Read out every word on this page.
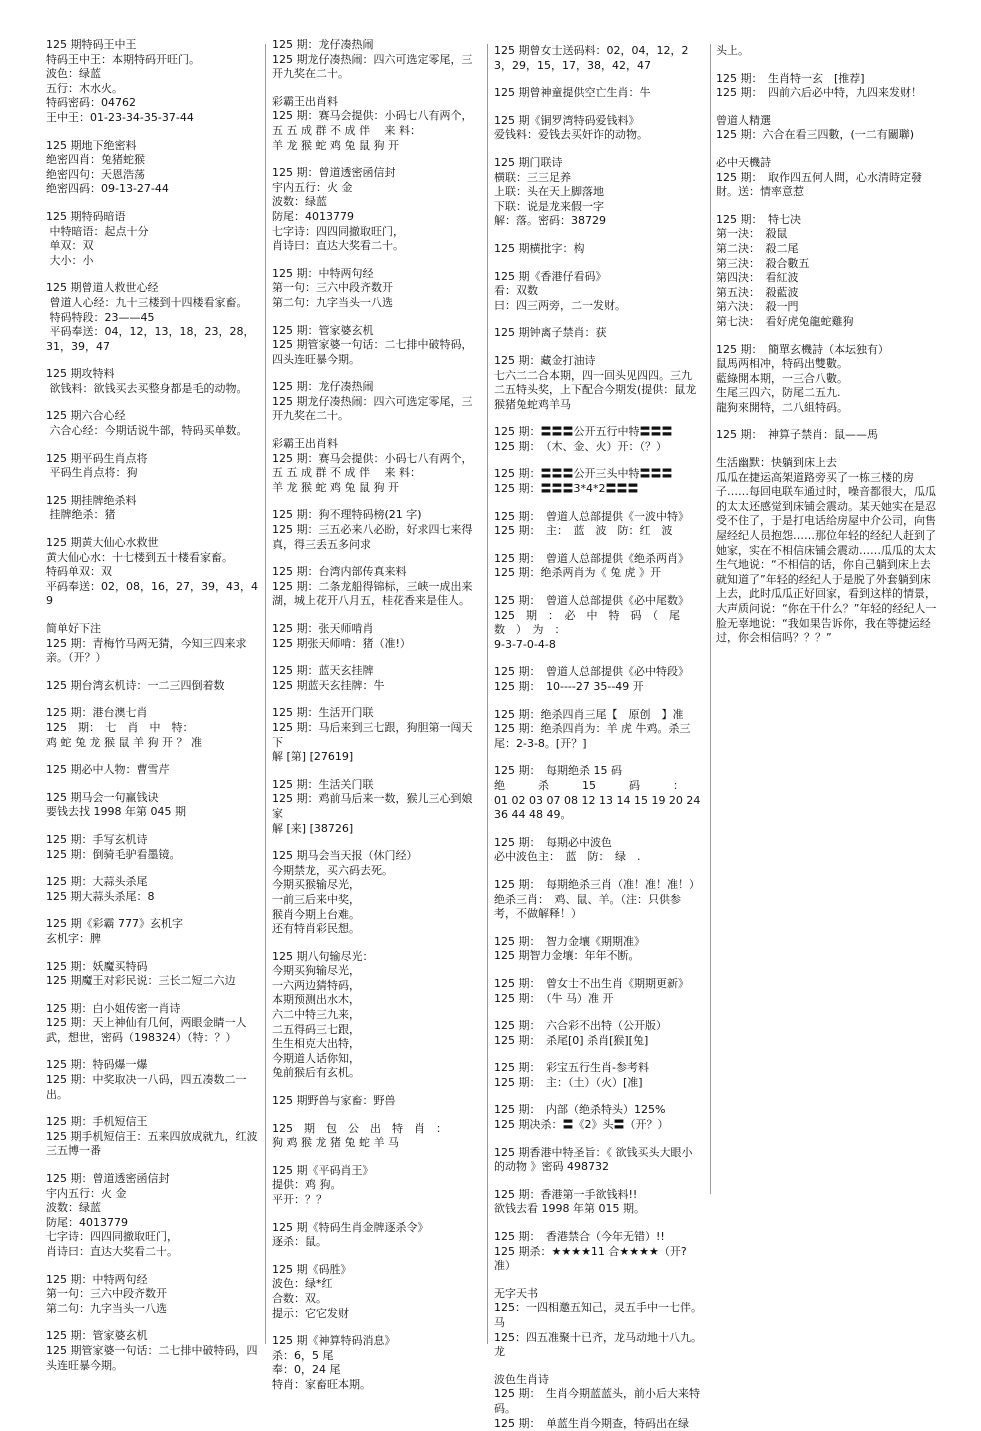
125 期特码王中王
特码王中王：本期特码开旺门。
波色：绿蓝
五行：木水火。
特码密码：04762
王中王：01-23-34-35-37-44
125 期地下绝密料
绝密四肖：兔猪蛇猴
绝密四句：天恩浩荡
绝密四码：09-13-27-44
125 期特码暗语
中特暗语：起点十分
单双：双
大小：小
125 期曾道人救世心经
曾道人心经：九十三楼到十四楼看家畜。
特码特段：23——45
平码奉送：04，12，13，18，23，28，31，39，47
125 期攻特料
欲钱料：欲钱买去买整身都是毛的动物。
125 期六合心经
六合心经：今期话说牛部，特码买单数。
125 期平码生肖点将
平码生肖点将：狗
125 期挂牌绝杀料
挂牌绝杀：猪
125 期黄大仙心水救世
黄大仙心水：十七楼到五十楼看家畜。
特码单双：双
平码奉送：02，08，16，27，39，43，49
简单好下注
125 期：青梅竹马两无猜，今知三四来求亲。（开？）
125 期台湾玄机诗：一二三四倒着数
125 期：港台澳七肖
125　期：　七　肖　中　特：
鸡 蛇 兔 龙 猴 鼠 羊 狗 开 ？ 准
125 期必中人物：曹雪芹
125 期马会一句赢钱诀
要钱去找 1998 年第 045 期
125 期：手写玄机诗
125 期：倒骑毛驴看墨镜。
125 期：大蒜头杀尾
125 期大蒜头杀尾：8
125 期《彩霸 777》玄机字
玄机字：脾
125 期：妖魔买特码
125 期魔王对彩民说：三长二短二六边
125 期：白小姐传密一肖诗
125 期：天上神仙有几何，两眼金睛一人武，想世，密码（198324）（特：？）
125 期：特码爆一爆
125 期：中奖取决一八码，四五凑数二一出。
125 期：手机短信王
125 期手机短信王：五来四放成就九，红波三五博一番
125 期：曾道透密函信封
宇内五行：火 金
波数：绿蓝
防尾：4013779
七字诗：四四同撤取旺门，
肖诗曰：直达大奖看二十。
125 期：中特两句经
第一句：三六中段齐数开
第二句：九字当头一八选
125 期：管家婆玄机
125 期管家婆一句话：二七排中破特码，四头连旺暴今期。
125 期：龙仔凑热闹
125 期龙仔凑热闹：四六可选定零尾，三开九奖在二十。
彩霸王出肖料
125 期：赛马会提供：小码七八有两个，五 五 成 群 不 成 伴　 来 料：
羊 龙 猴 蛇 鸡 兔 鼠 狗 开
125 期：曾道透密函信封
宇内五行：火 金
波数：绿蓝
防尾：4013779
七字诗：四四同撤取旺门，
肖诗曰：直达大奖看二十。
125 期：中特两句经
第一句：三六中段齐数开
第二句：九字当头一八选
125 期：管家婆玄机
125 期管家婆一句话：二七排中破特码，四头连旺暴今期。
125 期：龙仔凑热闹
125 期龙仔凑热闹：四六可选定零尾，三开九奖在二十。
彩霸王出肖料
125 期：赛马会提供：小码七八有两个，五 五 成 群 不 成 伴　 来 料：
羊 龙 猴 蛇 鸡 兔 鼠 狗 开
125 期：狗不理特码榜(21 字)
125 期：三五必来八必盼，好求四七来得真，得三丢五多问求
125 期：台湾内部传真来料
125 期：二条龙船得锦标，三峡一成出来湖，城上花开八月五，桂花香来是佳人。
125 期：张天师啃肖
125 期张天师啃：猪（准!）
125 期：蓝天玄挂牌
125 期蓝天玄挂牌：牛
125 期：生活开门联
125 期：马后来到三七跟，狗胆第一闯天下
解 [第] [27619]
125 期：生活关门联
125 期：鸡前马后来一数，猴儿三心到娘家
解 [来] [38726]
125 期马会当天报（休门经）
今期禁龙，买六码去死。
今期买猴输尽光，
一前三后来中奖，
猴肖今期上台难。
还有特肖彩民想。
125 期八句输尽光：
今期买狗输尽光，
一六两边猜特码，
本期预测出水木，
六二中特三九来，
二五得码三七跟，
生生相克大出特，
今期道人话你知，
兔前猴后有玄机。
125 期野兽与家畜：野兽
125　期　包　公　出　特　肖　：
狗 鸡 猴 龙 猪 兔 蛇 羊 马
125 期《平码肖王》
提供：鸡 狗。
平开：？？
125 期《特码生肖金牌逐杀令》
逐杀：鼠。
125 期《码胜》
波色：绿*红
合数：双。
提示：它它发财
125 期《神算特码消息》
杀：6，5 尾
奉：0，24 尾
特肖：家畜旺本期。
125 期曾女士送码料：02，04，12，23，29，15，17，38，42，47
125 期曾神童提供空亡生肖：牛
125 期《铜罗湾特码爱钱料》
爱钱料：爱钱去买奸诈的动物。
125 期门联诗
横联：三三足养
上联：头在天上脚落地
下联：说是龙来假一字
解：落。密码：38729
125 期横批字：构
125 期《香港仔看码》
看：双数
曰：四三两旁，二一发财。
125 期钟离子禁肖：获
125 期：藏金打油诗
七六二二合本期，四一回头见四四。三九二五特头奖，上下配合今期发(提供：鼠龙猴猪兔蛇鸡羊马
125 期：〓〓〓公开五行中特〓〓〓
125 期：　（木、金、火）开：（？）
125 期：〓〓〓公开三头中特〓〓〓
125 期：〓〓〓3*4*2〓〓〓
125 期：　曾道人总部提供《一波中特》
125 期：　主：　蓝　波　防：红　波
125 期：　曾道人总部提供《绝杀两肖》
125 期：绝杀两肖为《 兔 虎 》开
125 期：　曾道人总部提供《必中尾数》
125　期　：　必　中　特　码　（　尾　数　）　为　：
9-3-7-0-4-8
125 期：　曾道人总部提供《必中特段》
125 期：　10----27 35--49 开
125 期：绝杀四肖三尾【　原创　】准
125 期：绝杀四肖为：羊 虎 牛鸡。杀三尾：2-3-8。[开？]
125 期：　每期绝杀 15 码
绝　　　杀　　　15　　　码　　　：
01 02 03 07 08 12 13 14 15 19 20 24 36 44 48 49。
125 期：　每期必中波色
必中波色主：　蓝　防：　绿　.
125 期：　每期绝杀三肖（准！准！准！）
绝杀三肖：　鸡、鼠、羊。（注：只供参考，不做解释！）
125 期：　智力金壤《期期准》
125 期智力金壤：年年不断。
125 期：　曾女士不出生肖《期期更新》
125 期：　（牛 马）准 开
125 期：　六合彩不出特（公开版）
125 期：　杀尾[0] 杀肖[猴][兔]
125 期：　彩宝五行生肖-参考料
125 期：　主：（土）（火）[准]
125 期：　内部（绝杀特头）125%
125 期决杀：〓《2》头〓（开？）
125 期香港中特圣旨：《 欲钱买头大眼小的动物 》密码 498732
125 期：香港第一手欲钱料!!
欲钱去看 1998 年第 015 期。
125 期：　香港禁合（今年无错）!!
125 期杀：★★★★11 合★★★★（开?准）
无字天书
125：一四相邀五知己，灵五手中一七伴。马
125：四五准聚十已齐，龙马动地十八九。龙
波色生肖诗
125 期：　生肖今期蓝蓝头，前小后大来特码。
125 期：　单蓝生肖今期查，特码出在绿
头上。
125 期：　生肖特一玄　[推荐]
125 期：　四前六后必中特，九四来发财！
曾道人精選
125 期：六合在看三四數，(一二有關聯)
必中天機詩
125 期：　取作四五何人問，心水清時定發財。送：情率意惹
125 期：　特七决
第一決：　殺鼠
第二決：　殺二尾
第三決：　殺合數五
第四決：　看紅波
第五決：　殺藍波
第六決：　殺一門
第七決：　看好虎兔龍蛇雞狗
125 期：　簡單玄機詩（本坛独有）
鼠馬两相冲，特码出雙數。
藍綠開本期，一三合八數。
生尾三四六，防尾二五九.
龍狗來開特，二八組特码。
125 期：　神算子禁肖：鼠——馬
生活幽默：快躺到床上去
瓜瓜在捷运高架道路旁买了一栋三楼的房子……每回电联车通过时，噪音都很大，瓜瓜的太太还感觉到床铺会震动。某天她实在是忍受不住了，于是打电话给房屋中介公司，向售屋经纪人员抱怨……那位年轻的经纪人赶到了她家，实在不相信床铺会震动……瓜瓜的太太生气地说：“不相信的话，你自己躺到床上去就知道了”年轻的经纪人于是脱了外套躺到床上去，此时瓜瓜正好回家，看到这样的情景，大声质问说：“你在干什么？”年轻的经纪人一脸无辜地说：“我如果告诉你，我在等捷运经过，你会相信吗？？？”
